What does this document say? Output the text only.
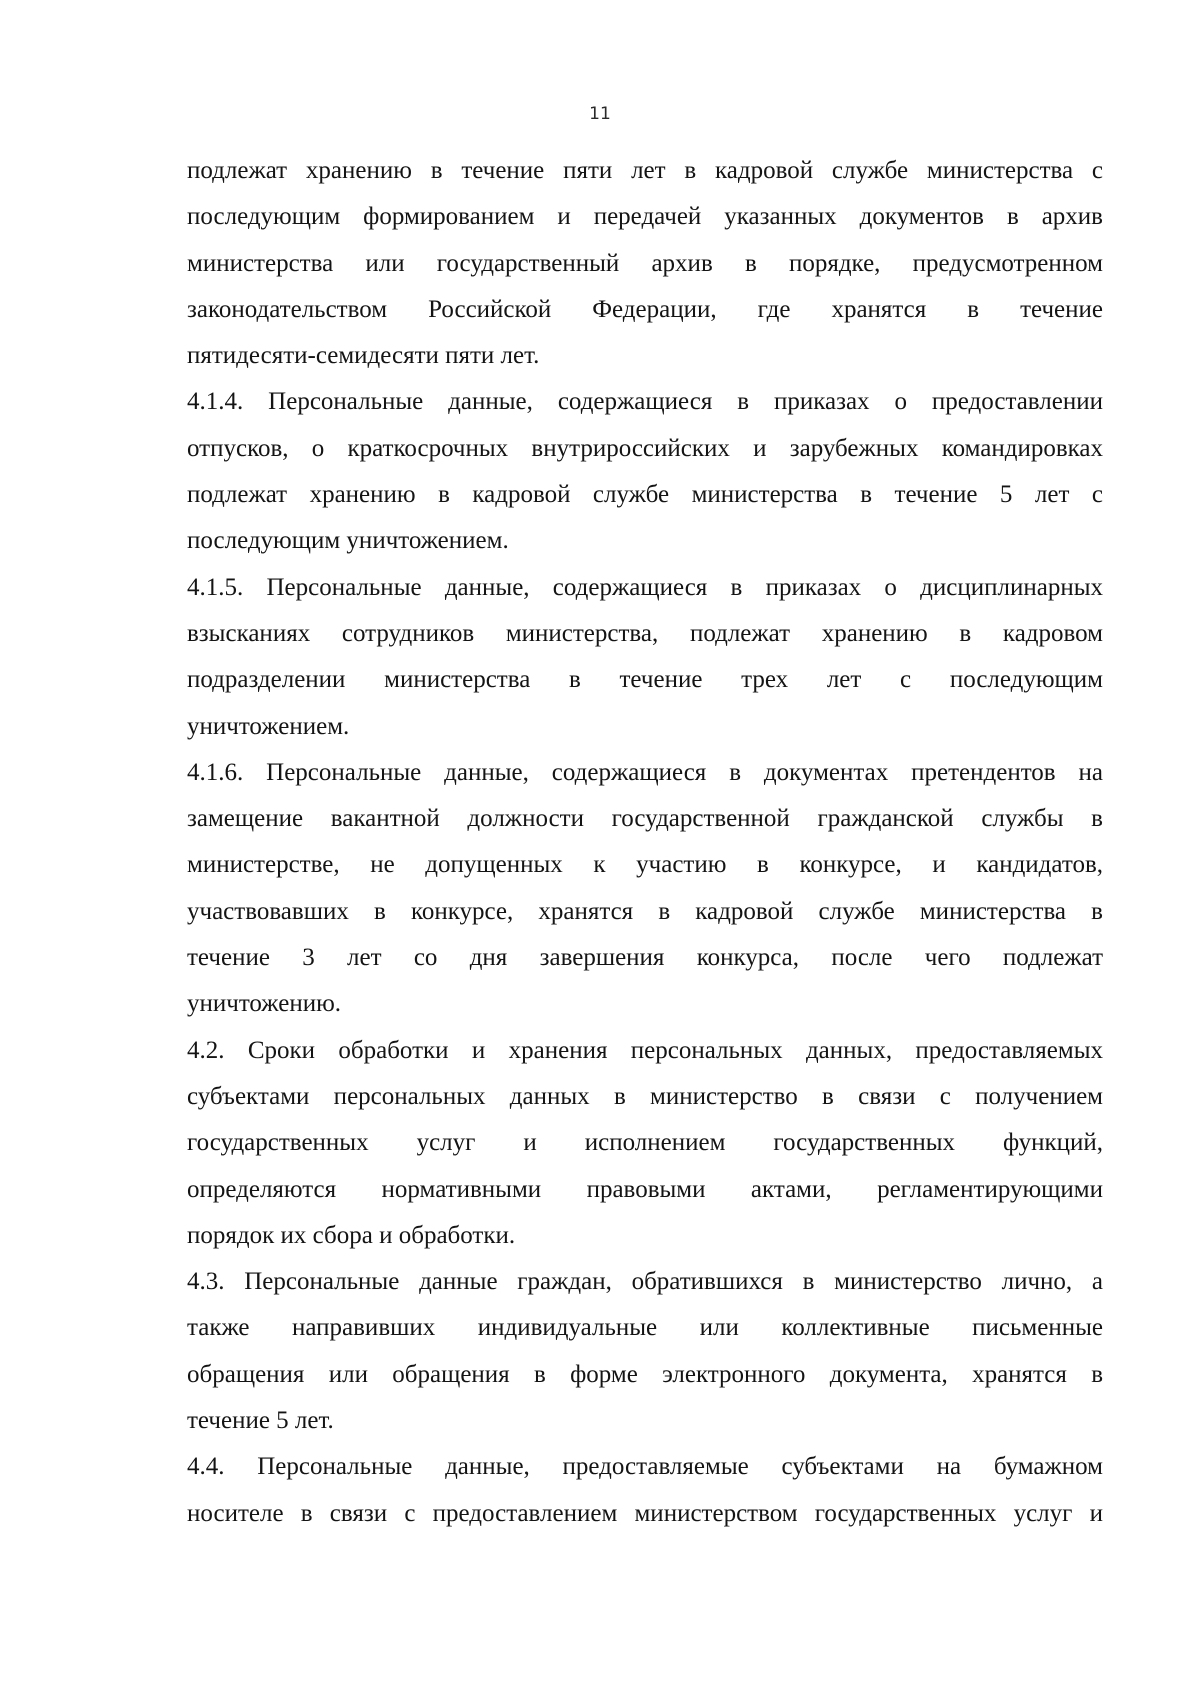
11
подлежат хранению в течение пяти лет в кадровой службе министерства с
последующим формированием и передачей указанных документов в архив
министерства или государственный архив в порядке, предусмотренном
законодательством Российской Федерации, где хранятся в течение
пятидесяти-семидесяти пяти лет.
4.1.4. Персональные данные, содержащиеся в приказах о предоставлении
отпусков, о краткосрочных внутрироссийских и зарубежных командировках
подлежат хранению в кадровой службе министерства в течение 5 лет с
последующим уничтожением.
4.1.5. Персональные данные, содержащиеся в приказах о дисциплинарных
взысканиях сотрудников министерства, подлежат хранению в кадровом
подразделении министерства в течение трех лет с последующим
уничтожением.
4.1.6. Персональные данные, содержащиеся в документах претендентов на
замещение вакантной должности государственной гражданской службы в
министерстве, не допущенных к участию в конкурсе, и кандидатов,
участвовавших в конкурсе, хранятся в кадровой службе министерства в
течение 3 лет со дня завершения конкурса, после чего подлежат
уничтожению.
4.2. Сроки обработки и хранения персональных данных, предоставляемых
субъектами персональных данных в министерство в связи с получением
государственных услуг и исполнением государственных функций,
определяются нормативными правовыми актами, регламентирующими
порядок их сбора и обработки.
4.3. Персональные данные граждан, обратившихся в министерство лично, а
также направивших индивидуальные или коллективные письменные
обращения или обращения в форме электронного документа, хранятся в
течение 5 лет.
4.4. Персональные данные, предоставляемые субъектами на бумажном
носителе в связи с предоставлением министерством государственных услуг и
